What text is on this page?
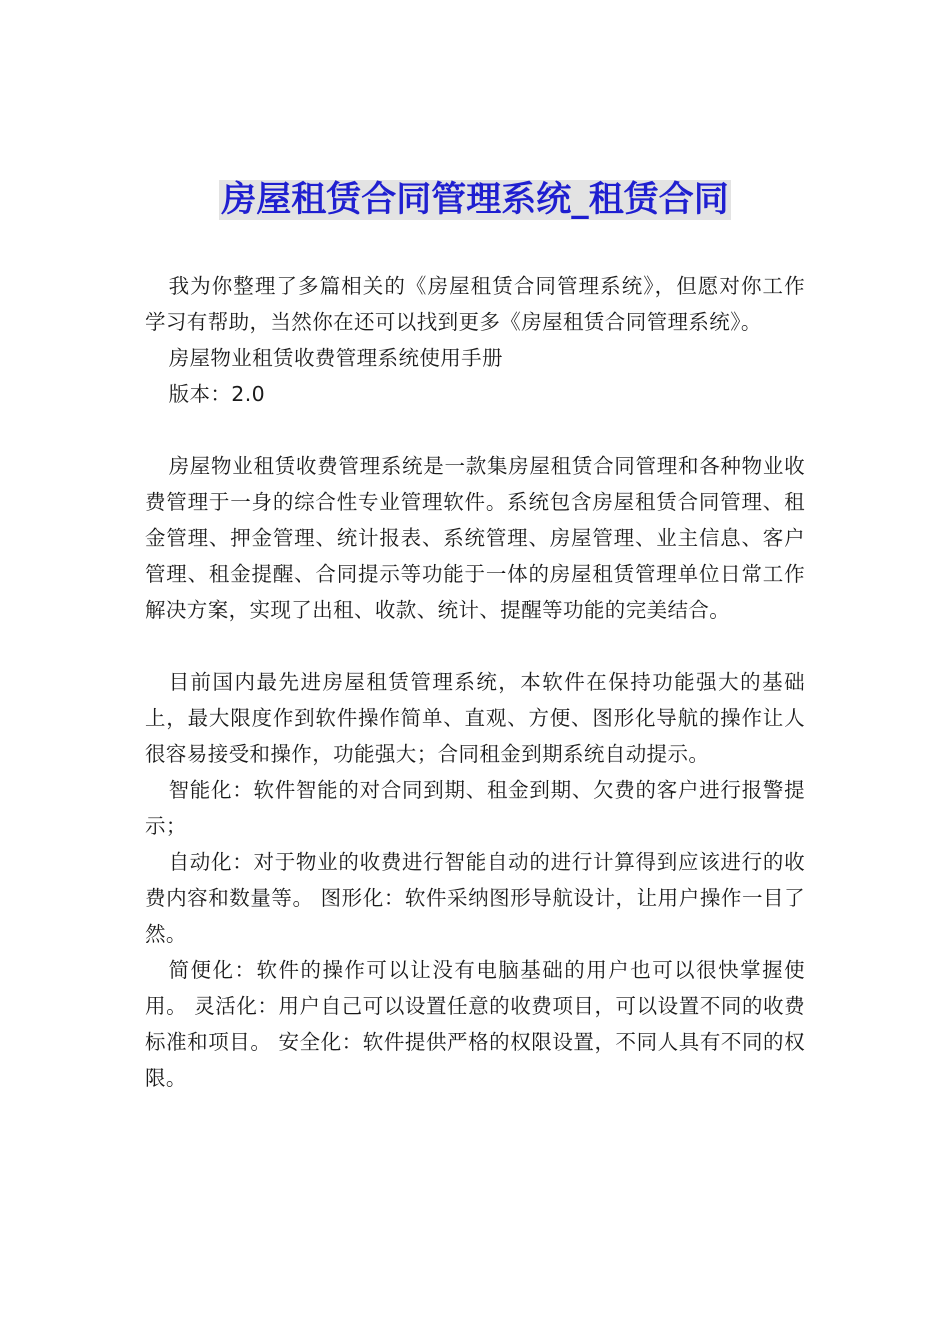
房屋租赁合同管理系统_租赁合同

我为你整理了多篇相关的《房屋租赁合同管理系统》，但愿对你工作学习有帮助，当然你在还可以找到更多《房屋租赁合同管理系统》。

房屋物业租赁收费管理系统使用手册

版本：2.0

房屋物业租赁收费管理系统是一款集房屋租赁合同管理和各种物业收费管理于一身的综合性专业管理软件。系统包含房屋租赁合同管理、租金管理、押金管理、统计报表、系统管理、房屋管理、业主信息、客户管理、租金提醒、合同提示等功能于一体的房屋租赁管理单位日常工作解决方案，实现了出租、收款、统计、提醒等功能的完美结合。

目前国内最先进房屋租赁管理系统，本软件在保持功能强大的基础上，最大限度作到软件操作简单、直观、方便、图形化导航的操作让人很容易接受和操作，功能强大；合同租金到期系统自动提示。

智能化：软件智能的对合同到期、租金到期、欠费的客户进行报警提示；

自动化：对于物业的收费进行智能自动的进行计算得到应该进行的收费内容和数量等。 图形化：软件采纳图形导航设计，让用户操作一目了然。

简便化：软件的操作可以让没有电脑基础的用户也可以很快掌握使用。 灵活化：用户自己可以设置任意的收费项目，可以设置不同的收费标准和项目。 安全化：软件提供严格的权限设置，不同人具有不同的权限。
